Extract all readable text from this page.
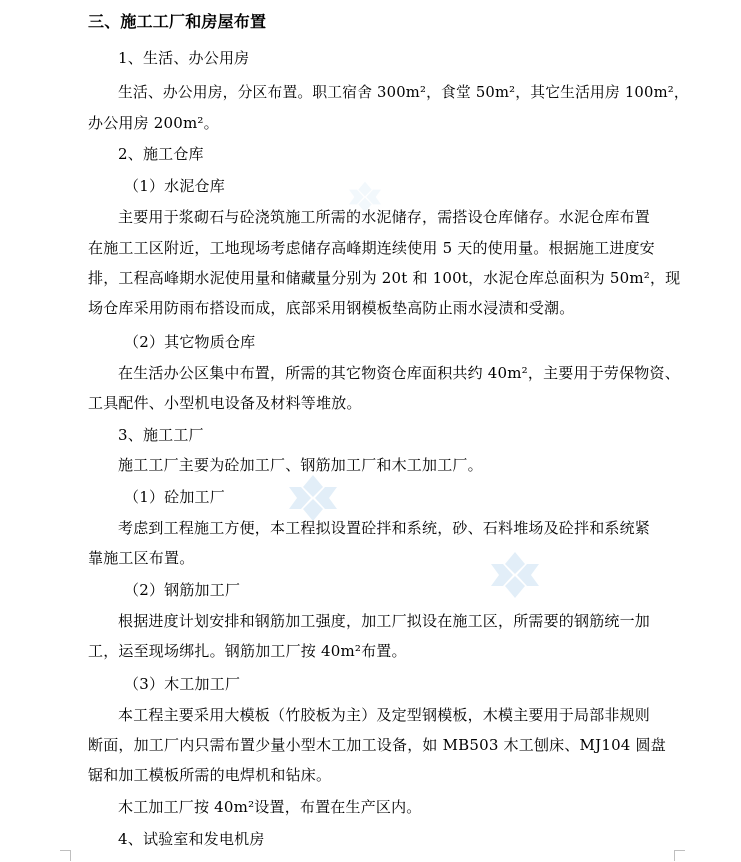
三、施工工厂和房屋布置
1、生活、办公用房
生活、办公用房，分区布置。职工宿舍 300m²，食堂 50m²，其它生活用房 100m²，
办公用房 200m²。
2、施工仓库
（1）水泥仓库
主要用于浆砌石与砼浇筑施工所需的水泥储存，需搭设仓库储存。水泥仓库布置
在施工工区附近，工地现场考虑储存高峰期连续使用 5 天的使用量。根据施工进度安
排，工程高峰期水泥使用量和储藏量分别为 20t 和 100t，水泥仓库总面积为 50m²，现
场仓库采用防雨布搭设而成，底部采用钢模板垫高防止雨水浸渍和受潮。
（2）其它物质仓库
在生活办公区集中布置，所需的其它物资仓库面积共约 40m²，主要用于劳保物资、
工具配件、小型机电设备及材料等堆放。
3、施工工厂
施工工厂主要为砼加工厂、钢筋加工厂和木工加工厂。
（1）砼加工厂
考虑到工程施工方便，本工程拟设置砼拌和系统，砂、石料堆场及砼拌和系统紧
靠施工区布置。
（2）钢筋加工厂
根据进度计划安排和钢筋加工强度，加工厂拟设在施工区，所需要的钢筋统一加
工，运至现场绑扎。钢筋加工厂按 40m²布置。
（3）木工加工厂
本工程主要采用大模板（竹胶板为主）及定型钢模板，木模主要用于局部非规则
断面，加工厂内只需布置少量小型木工加工设备，如 MB503 木工刨床、MJ104 圆盘
锯和加工模板所需的电焊机和钻床。
木工加工厂按 40m²设置，布置在生产区内。
4、试验室和发电机房
